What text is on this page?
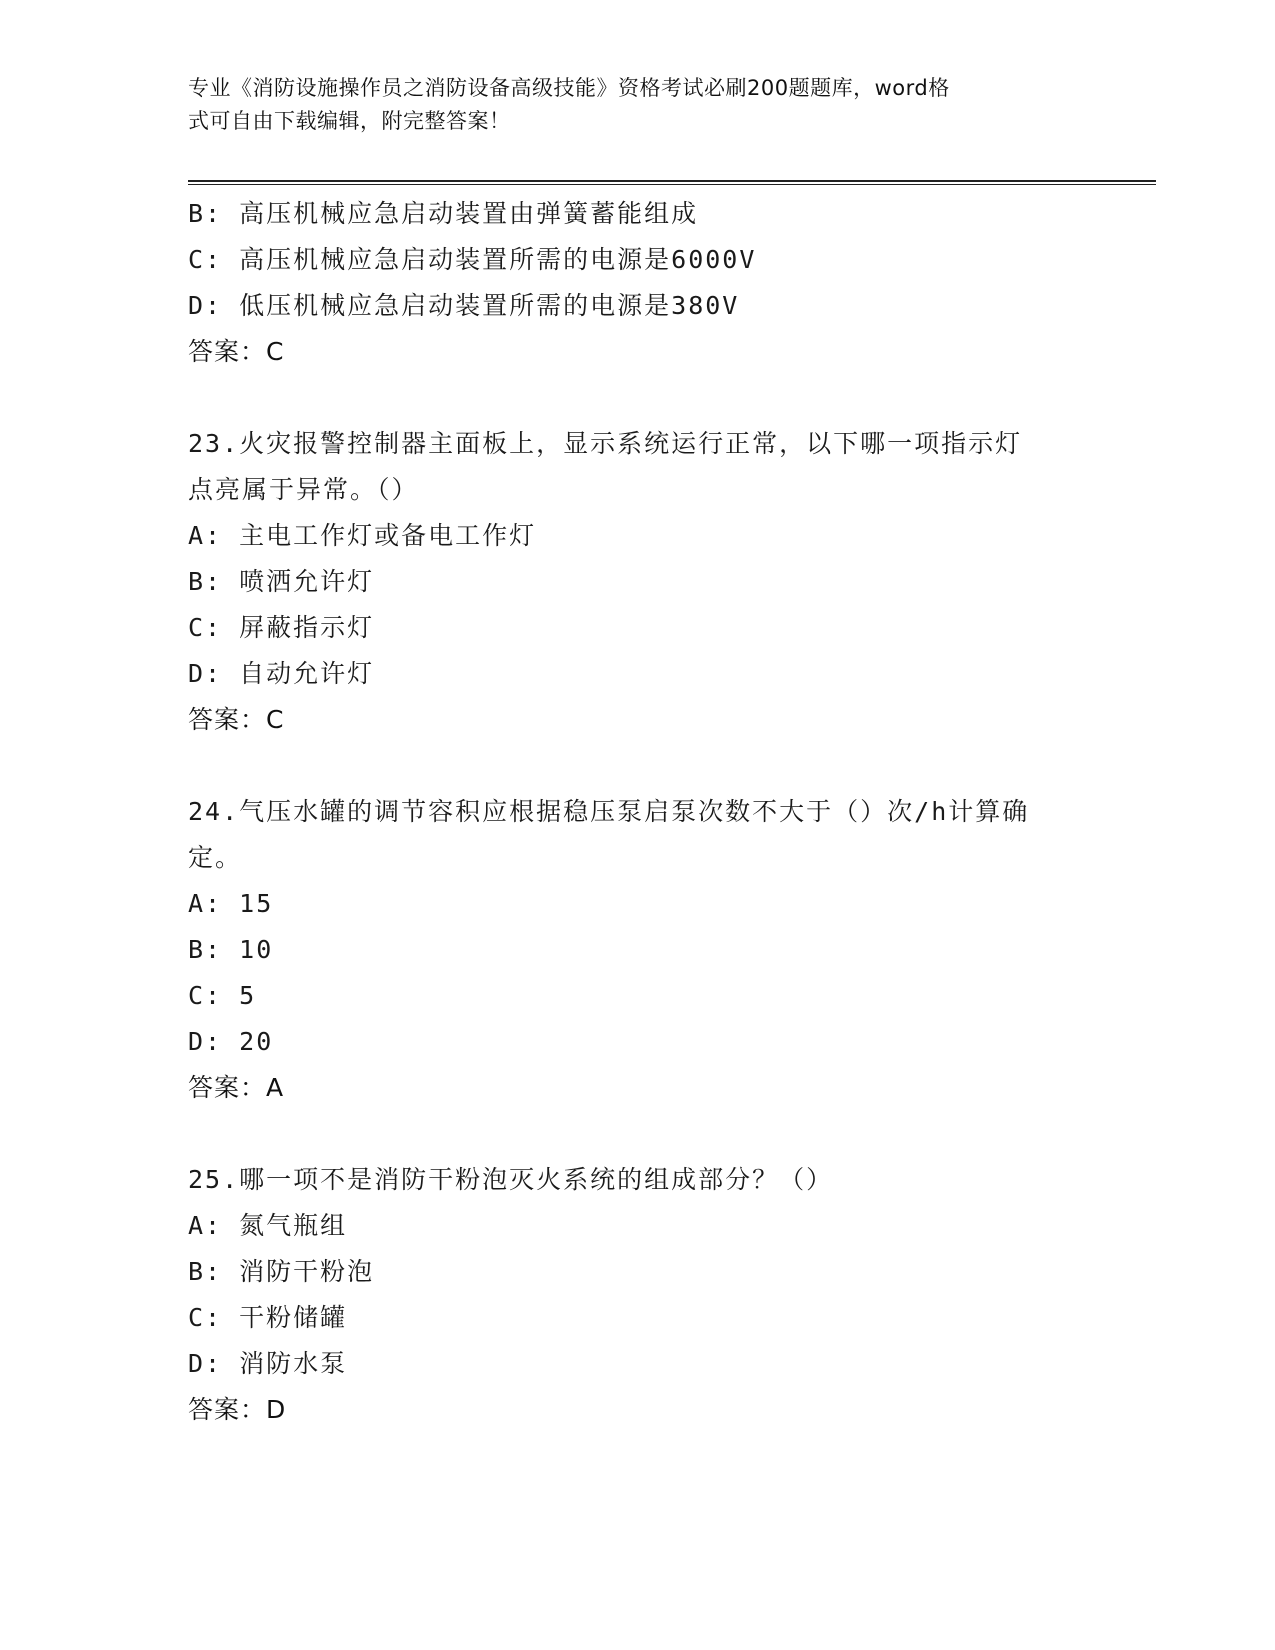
专业《消防设施操作员之消防设备高级技能》资格考试必刷200题题库，word格
式可自由下载编辑，附完整答案！
B: 高压机械应急启动装置由弹簧蓄能组成
C: 高压机械应急启动装置所需的电源是6000V
D: 低压机械应急启动装置所需的电源是380V
答案：C
23.火灾报警控制器主面板上，显示系统运行正常，以下哪一项指示灯
点亮属于异常。（）
A: 主电工作灯或备电工作灯
B: 喷洒允许灯
C: 屏蔽指示灯
D: 自动允许灯
答案：C
24.气压水罐的调节容积应根据稳压泵启泵次数不大于（）次/h计算确
定。
A: 15
B: 10
C: 5
D: 20
答案：A
25.哪一项不是消防干粉泡灭火系统的组成部分？（）
A: 氮气瓶组
B: 消防干粉泡
C: 干粉储罐
D: 消防水泵
答案：D
